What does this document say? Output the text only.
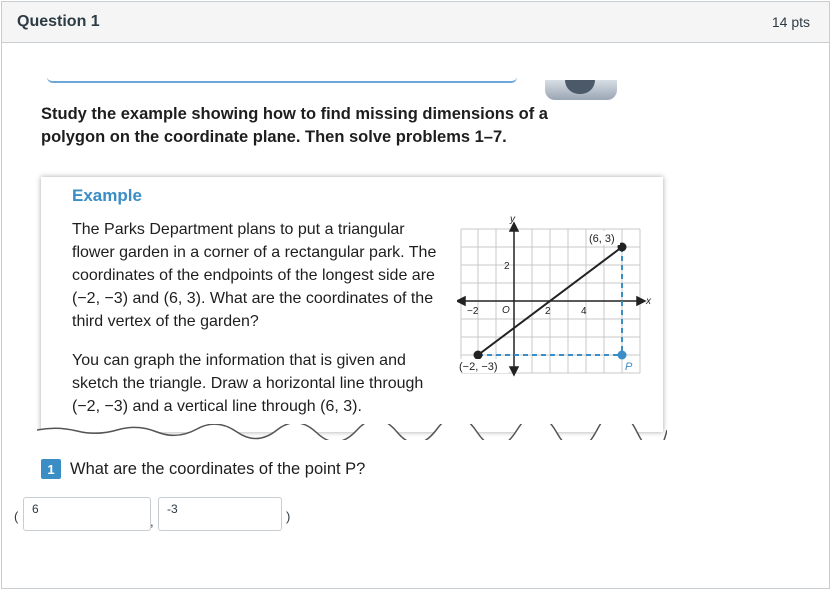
Question 1	14 pts
Study the example showing how to find missing dimensions of a polygon on the coordinate plane. Then solve problems 1–7.
Example

The Parks Department plans to put a triangular flower garden in a corner of a rectangular park. The coordinates of the endpoints of the longest side are (−2, −3) and (6, 3). What are the coordinates of the third vertex of the garden?

You can graph the information that is given and sketch the triangle. Draw a horizontal line through (−2, −3) and a vertical line through (6, 3).

y
x
O
2
−2	2	4
(6, 3)
(−2, −3)	P
1 What are the coordinates of the point P?
(
6	,
-3	)
